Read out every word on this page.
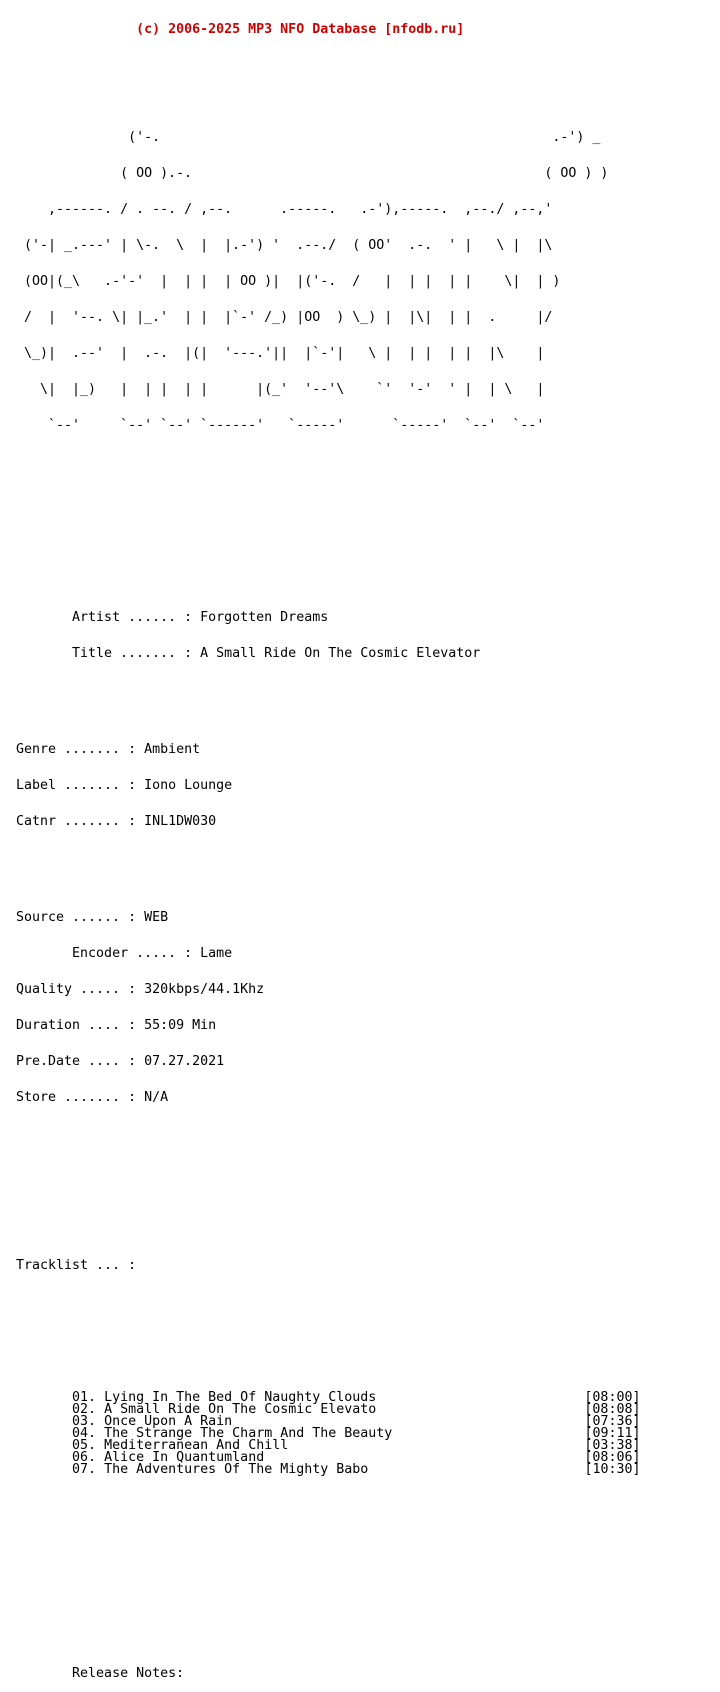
(c) 2006-2025 MP3 NFO Database [nfodb.ru]

('-.                                                 .-') _

( OO ).-.                                            ( OO ) )

,------. / . --. / ,--.      .-----.   .-'),-----.  ,--./ ,--,'

('-| _.---' | \-.  \  |  |.-') '  .--./  ( OO'  .-.  ' |   \ |  |\

(OO|(_\   .-'-'  |  | |  | OO )|  |('-.  /   |  | |  | |    \|  | )

/  |  '--. \| |_.'  | |  |`-' /_) |OO  ) \_) |  |\|  | |  .     |/

\_)|  .--'  |  .-.  |(|  '---.'||  |`-'|   \ |  | |  | |  |\    |

\|  |_)   |  | |  | |      |(_'  '--'\    `'  '-'  ' |  | \   |

`--'     `--' `--' `------'   `-----'      `-----'  `--'  `--'

Artist ...... : Forgotten Dreams

Title ....... : A Small Ride On The Cosmic Elevator

Genre ....... : Ambient

Label ....... : Iono Lounge

Catnr ....... : INL1DW030

Source ...... : WEB

Encoder ..... : Lame

Quality ..... : 320kbps/44.1Khz

Duration .... : 55:09 Min

Pre.Date .... : 07.27.2021

Store ....... : N/A

Tracklist ... :

01. Lying In The Bed Of Naughty Clouds	[08:00]
02. A Small Ride On The Cosmic Elevato	[08:08]
03. Once Upon A Rain	[07:36]
04. The Strange The Charm And The Beauty	[09:11]
05. Mediterranean And Chill	[03:38]
06. Alice In Quantumland	[08:06]
07. The Adventures Of The Mighty Babo	[10:30]

Release Notes:
